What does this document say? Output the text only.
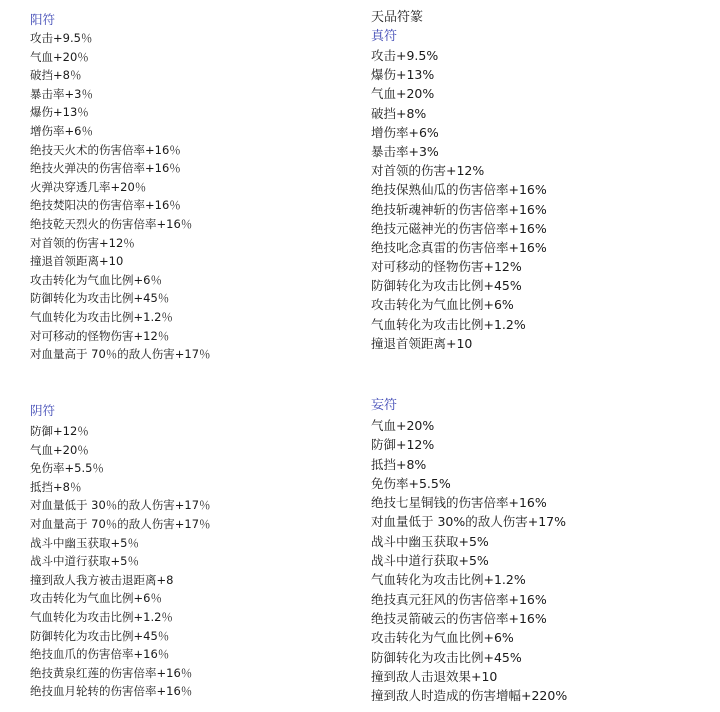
阳符
攻击+9.5％
气血+20％
破挡+8％
暴击率+3％
爆伤+13％
增伤率+6％
绝技天火术的伤害倍率+16％
绝技火弹决的伤害倍率+16％
火弹决穿透几率+20％
绝技焚阳决的伤害倍率+16％
绝技乾天烈火的伤害倍率+16％
对首领的伤害+12％
撞退首领距离+10
攻击转化为气血比例+6％
防御转化为攻击比例+45％
气血转化为攻击比例+1.2％
对可移动的怪物伤害+12％
对血量高于 70％的敌人伤害+17％
天品符篆
真符
攻击+9.5%
爆伤+13%
气血+20%
破挡+8%
增伤率+6%
暴击率+3%
对首领的伤害+12%
绝技保熟仙瓜的伤害倍率+16%
绝技斩魂神斩的伤害倍率+16%
绝技元磁神光的伤害倍率+16%
绝技叱念真雷的伤害倍率+16%
对可移动的怪物伤害+12%
防御转化为攻击比例+45%
攻击转化为气血比例+6%
气血转化为攻击比例+1.2%
撞退首领距离+10
阴符
防御+12％
气血+20％
免伤率+5.5％
抵挡+8％
对血量低于 30％的敌人伤害+17％
对血量高于 70％的敌人伤害+17％
战斗中幽玉获取+5％
战斗中道行获取+5％
撞到敌人我方被击退距离+8
攻击转化为气血比例+6％
气血转化为攻击比例+1.2％
防御转化为攻击比例+45％
绝技血爪的伤害倍率+16％
绝技黄泉红莲的伤害倍率+16％
绝技血月轮转的伤害倍率+16％
妄符
气血+20%
防御+12%
抵挡+8%
免伤率+5.5%
绝技七星铜钱的伤害倍率+16%
对血量低于 30%的敌人伤害+17%
战斗中幽玉获取+5%
战斗中道行获取+5%
气血转化为攻击比例+1.2%
绝技真元狂风的伤害倍率+16%
绝技灵箭破云的伤害倍率+16%
攻击转化为气血比例+6%
防御转化为攻击比例+45%
撞到敌人击退效果+10
撞到敌人时造成的伤害增幅+220%
